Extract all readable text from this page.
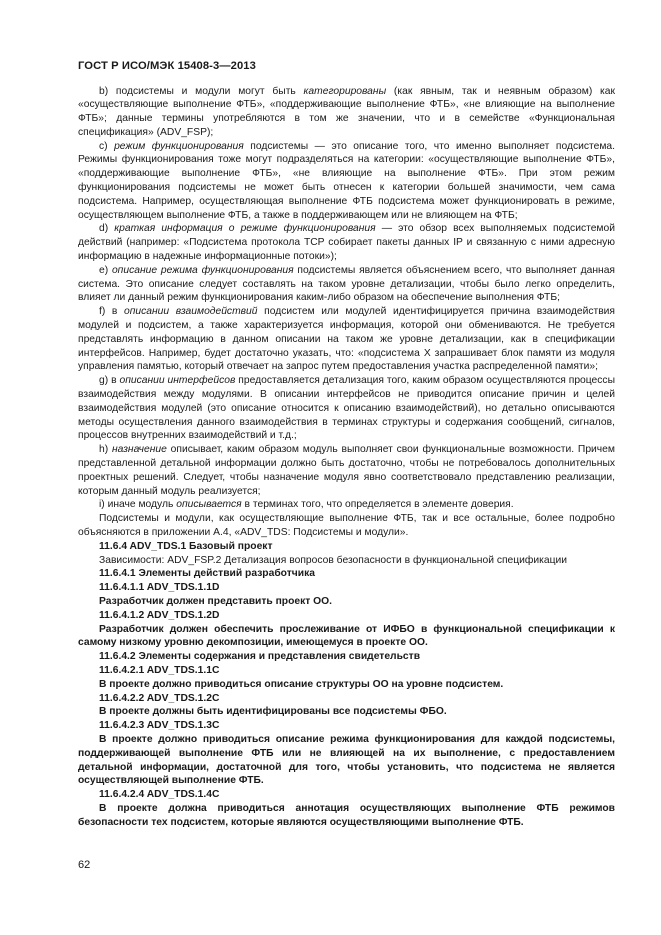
ГОСТ Р ИСО/МЭК 15408-3—2013

b) подсистемы и модули могут быть категорированы (как явным, так и неявным образом) как «осуществляющие выполнение ФТБ», «поддерживающие выполнение ФТБ», «не влияющие на выполнение ФТБ»; данные термины употребляются в том же значении, что и в семействе «Функциональная спецификация» (ADV_FSP);

c) режим функционирования подсистемы — это описание того, что именно выполняет подсистема. Режимы функционирования тоже могут подразделяться на категории: «осуществляющие выполнение ФТБ», «поддерживающие выполнение ФТБ», «не влияющие на выполнение ФТБ». При этом режим функционирования подсистемы не может быть отнесен к категории большей значимости, чем сама подсистема. Например, осуществляющая выполнение ФТБ подсистема может функционировать в режиме, осуществляющем выполнение ФТБ, а также в поддерживающем или не влияющем на ФТБ;

d) краткая информация о режиме функционирования — это обзор всех выполняемых подсистемой действий (например: «Подсистема протокола TCP собирает пакеты данных IP и связанную с ними адресную информацию в надежные информационные потоки»);

e) описание режима функционирования подсистемы является объяснением всего, что выполняет данная система. Это описание следует составлять на таком уровне детализации, чтобы было легко определить, влияет ли данный режим функционирования каким-либо образом на обеспечение выполнения ФТБ;

f) в описании взаимодействий подсистем или модулей идентифицируется причина взаимодействия модулей и подсистем, а также характеризуется информация, которой они обмениваются. Не требуется представлять информацию в данном описании на таком же уровне детализации, как в спецификации интерфейсов. Например, будет достаточно указать, что: «подсистема X запрашивает блок памяти из модуля управления памятью, который отвечает на запрос путем предоставления участка распределенной памяти»;

g) в описании интерфейсов предоставляется детализация того, каким образом осуществляются процессы взаимодействия между модулями. В описании интерфейсов не приводится описание причин и целей взаимодействия модулей (это описание относится к описанию взаимодействий), но детально описываются методы осуществления данного взаимодействия в терминах структуры и содержания сообщений, сигналов, процессов внутренних взаимодействий и т.д.;

h) назначение описывает, каким образом модуль выполняет свои функциональные возможности. Причем представленной детальной информации должно быть достаточно, чтобы не потребовалось дополнительных проектных решений. Следует, чтобы назначение модуля явно соответствовало представлению реализации, которым данный модуль реализуется;

i) иначе модуль описывается в терминах того, что определяется в элементе доверия.

Подсистемы и модули, как осуществляющие выполнение ФТБ, так и все остальные, более подробно объясняются в приложении А.4, «ADV_TDS: Подсистемы и модули».

11.6.4 ADV_TDS.1 Базовый проект

Зависимости: ADV_FSP.2 Детализация вопросов безопасности в функциональной спецификации

11.6.4.1 Элементы действий разработчика

11.6.4.1.1 ADV_TDS.1.1D

Разработчик должен представить проект ОО.

11.6.4.1.2 ADV_TDS.1.2D

Разработчик должен обеспечить прослеживание от ИФБО в функциональной спецификации к самому низкому уровню декомпозиции, имеющемуся в проекте ОО.

11.6.4.2 Элементы содержания и представления свидетельств

11.6.4.2.1 ADV_TDS.1.1C

В проекте должно приводиться описание структуры ОО на уровне подсистем.

11.6.4.2.2 ADV_TDS.1.2C

В проекте должны быть идентифицированы все подсистемы ФБО.

11.6.4.2.3 ADV_TDS.1.3C

В проекте должно приводиться описание режима функционирования для каждой подсистемы, поддерживающей выполнение ФТБ или не влияющей на их выполнение, с предоставлением детальной информации, достаточной для того, чтобы установить, что подсистема не является осуществляющей выполнение ФТБ.

11.6.4.2.4 ADV_TDS.1.4C

В проекте должна приводиться аннотация осуществляющих выполнение ФТБ режимов безопасности тех подсистем, которые являются осуществляющими выполнение ФТБ.

62
